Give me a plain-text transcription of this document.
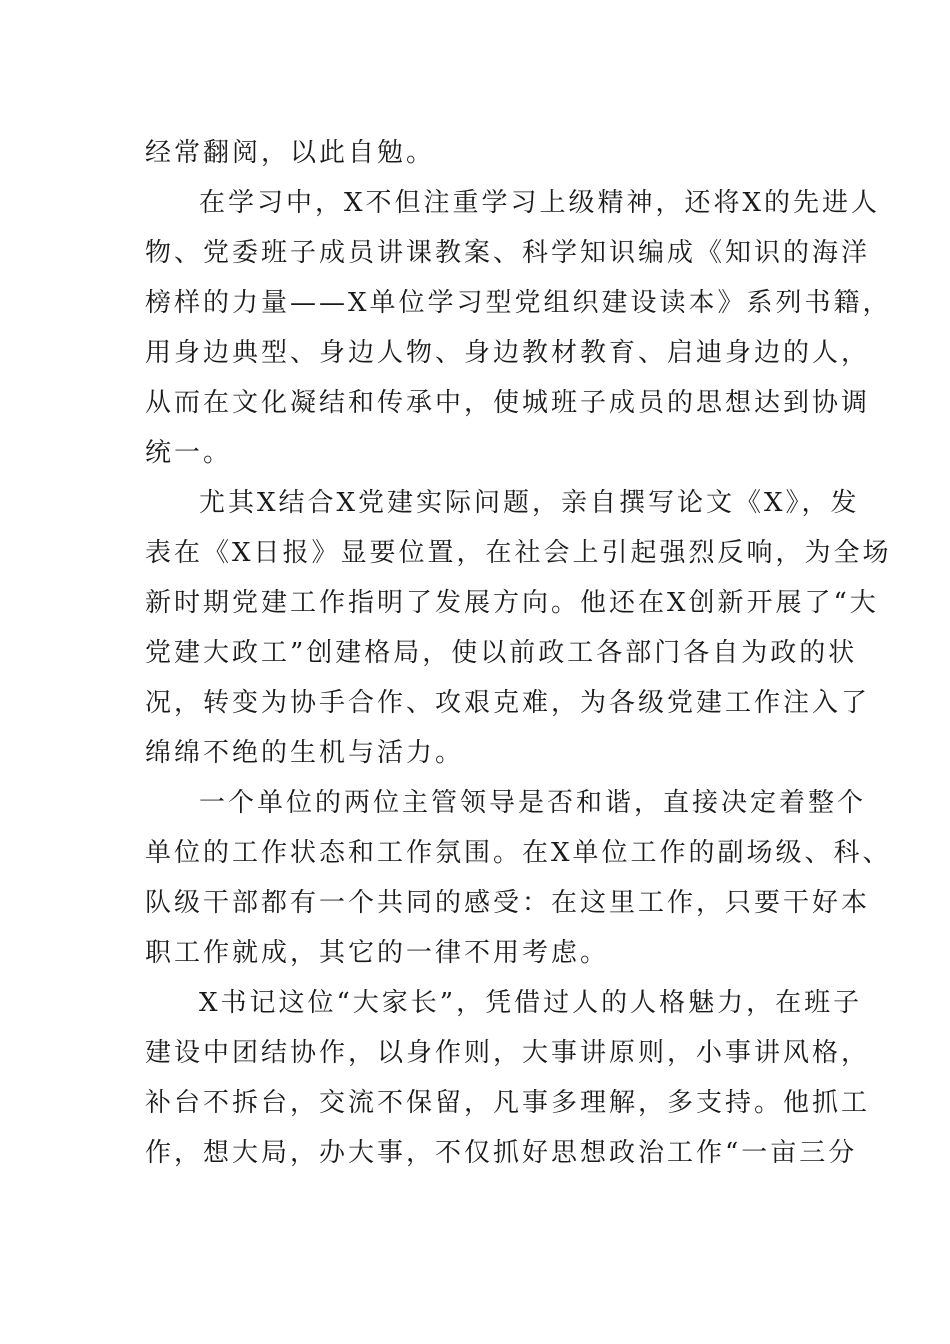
经常翻阅，以此自勉。
在学习中，X不但注重学习上级精神，还将X的先进人
物、党委班子成员讲课教案、科学知识编成《知识的海洋
榜样的力量——X单位学习型党组织建设读本》系列书籍，
用身边典型、身边人物、身边教材教育、启迪身边的人，
从而在文化凝结和传承中，使城班子成员的思想达到协调
统一。
尤其X结合X党建实际问题，亲自撰写论文《X》，发
表在《X日报》显要位置，在社会上引起强烈反响，为全场
新时期党建工作指明了发展方向。他还在X创新开展了“大
党建大政工”创建格局，使以前政工各部门各自为政的状
况，转变为协手合作、攻艰克难，为各级党建工作注入了
绵绵不绝的生机与活力。
一个单位的两位主管领导是否和谐，直接决定着整个
单位的工作状态和工作氛围。在X单位工作的副场级、科、
队级干部都有一个共同的感受：在这里工作，只要干好本
职工作就成，其它的一律不用考虑。
X书记这位“大家长”，凭借过人的人格魅力，在班子
建设中团结协作，以身作则，大事讲原则，小事讲风格，
补台不拆台，交流不保留，凡事多理解，多支持。他抓工
作，想大局，办大事，不仅抓好思想政治工作“一亩三分
